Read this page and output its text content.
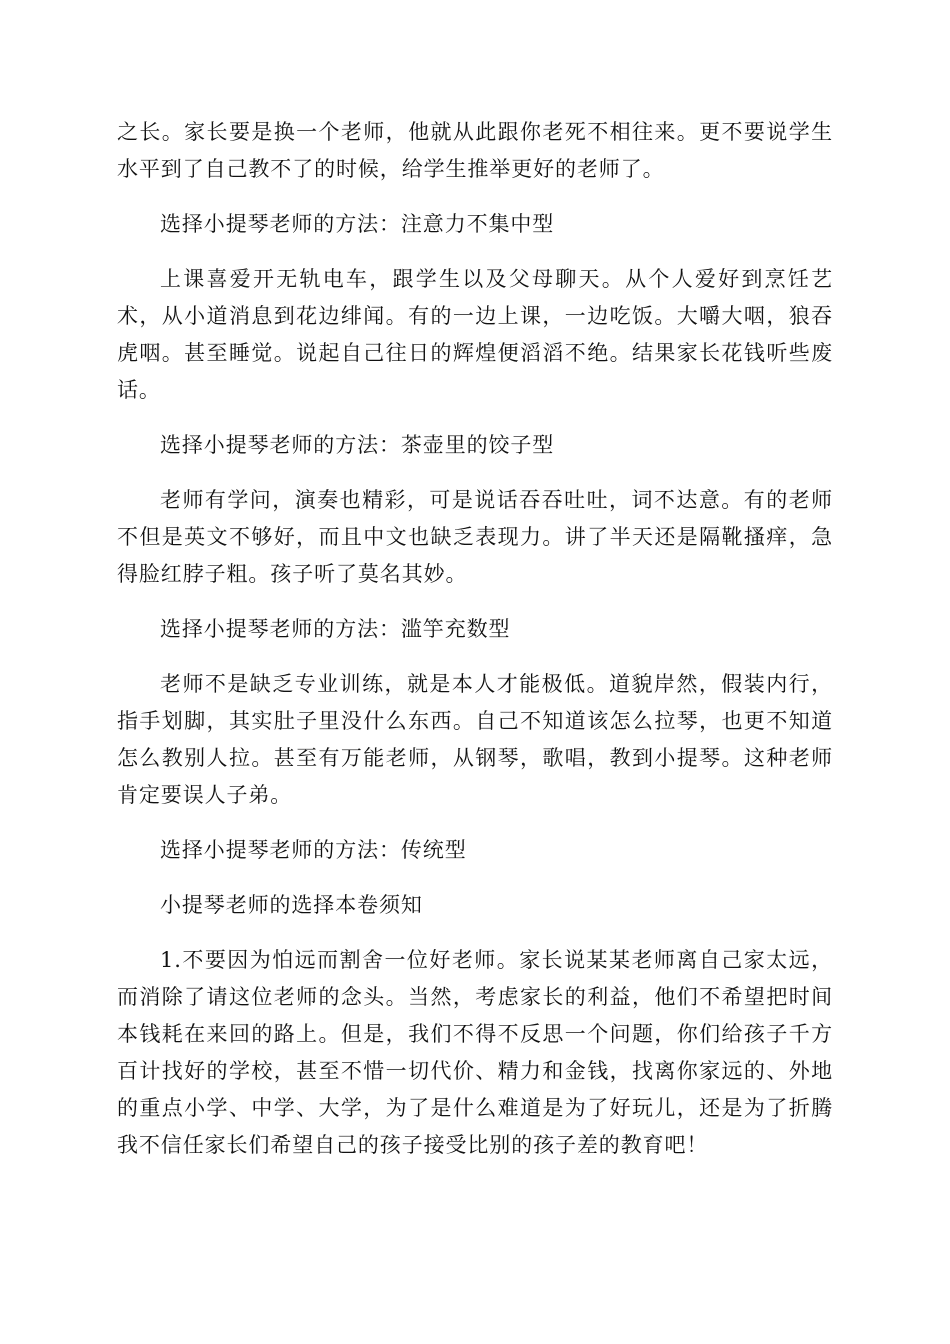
之长。家长要是换一个老师，他就从此跟你老死不相往来。更不要说学生水平到了自己教不了的时候，给学生推举更好的老师了。

选择小提琴老师的方法：注意力不集中型

上课喜爱开无轨电车，跟学生以及父母聊天。从个人爱好到烹饪艺术，从小道消息到花边绯闻。有的一边上课，一边吃饭。大嚼大咽，狼吞虎咽。甚至睡觉。说起自己往日的辉煌便滔滔不绝。结果家长花钱听些废话。

选择小提琴老师的方法：茶壶里的饺子型

老师有学问，演奏也精彩，可是说话吞吞吐吐，词不达意。有的老师不但是英文不够好，而且中文也缺乏表现力。讲了半天还是隔靴搔痒，急得脸红脖子粗。孩子听了莫名其妙。

选择小提琴老师的方法：滥竽充数型

老师不是缺乏专业训练，就是本人才能极低。道貌岸然，假装内行，指手划脚，其实肚子里没什么东西。自己不知道该怎么拉琴，也更不知道怎么教别人拉。甚至有万能老师，从钢琴，歌唱，教到小提琴。这种老师肯定要误人子弟。

选择小提琴老师的方法：传统型

小提琴老师的选择本卷须知

1.不要因为怕远而割舍一位好老师。家长说某某老师离自己家太远，而消除了请这位老师的念头。当然，考虑家长的利益，他们不希望把时间本钱耗在来回的路上。但是，我们不得不反思一个问题，你们给孩子千方百计找好的学校，甚至不惜一切代价、精力和金钱，找离你家远的、外地的重点小学、中学、大学，为了是什么难道是为了好玩儿，还是为了折腾我不信任家长们希望自己的孩子接受比别的孩子差的教育吧！
